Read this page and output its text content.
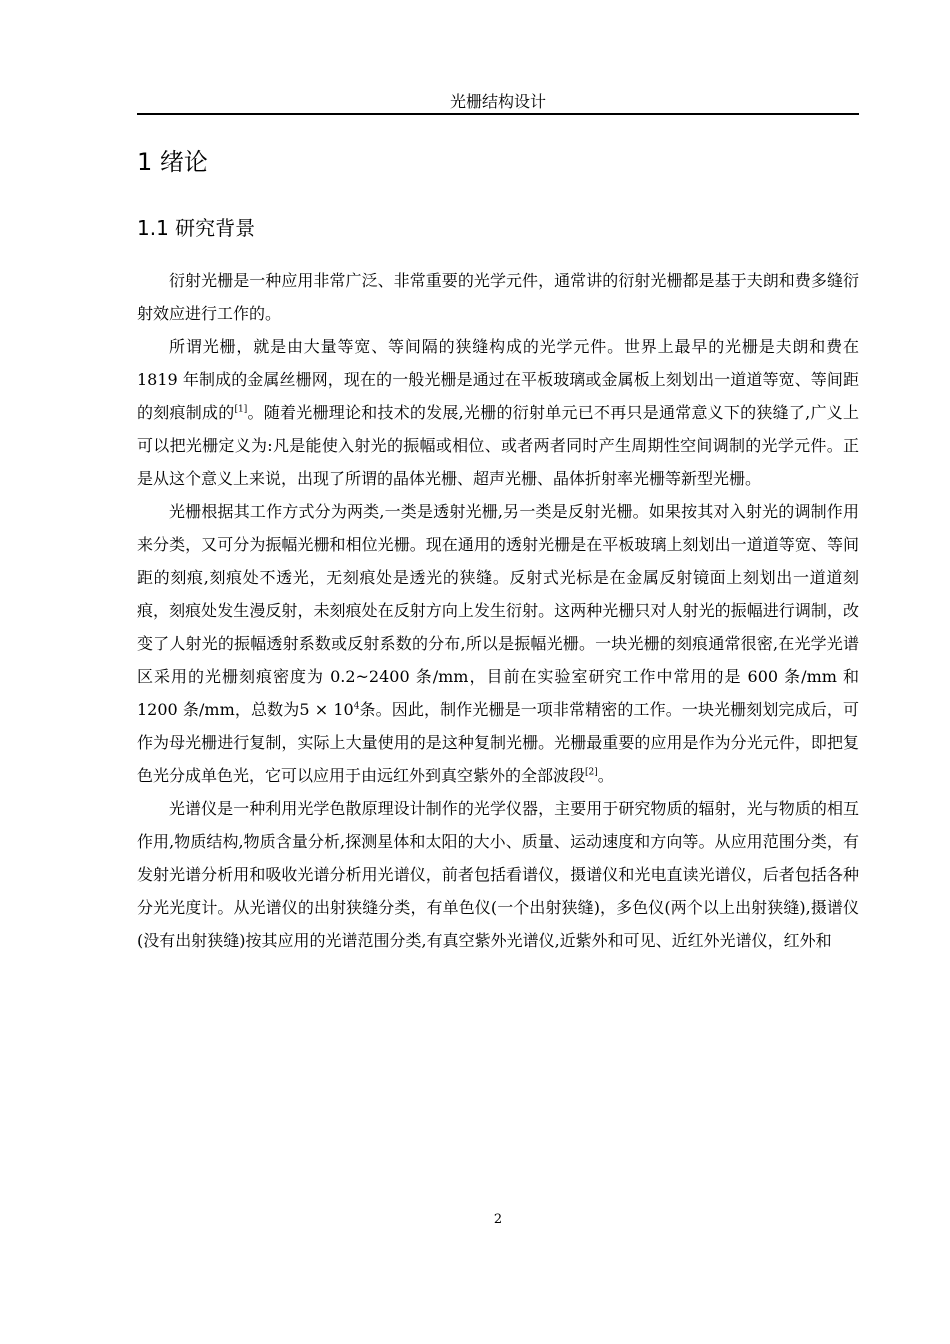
光栅结构设计
1 绪论
1.1 研究背景

衍射光栅是一种应用非常广泛、非常重要的光学元件，通常讲的衍射光栅都是基于夫朗和费多缝衍射效应进行工作的。

所谓光栅，就是由大量等宽、等间隔的狭缝构成的光学元件。世界上最早的光栅是夫朗和费在 1819 年制成的金属丝栅网，现在的一般光栅是通过在平板玻璃或金属板上刻划出一道道等宽、等间距的刻痕制成的[1]。随着光栅理论和技术的发展,光栅的衍射单元已不再只是通常意义下的狭缝了,广义上可以把光栅定义为:凡是能使入射光的振幅或相位、或者两者同时产生周期性空间调制的光学元件。正是从这个意义上来说，出现了所谓的晶体光栅、超声光栅、晶体折射率光栅等新型光栅。

光栅根据其工作方式分为两类,一类是透射光栅,另一类是反射光栅。如果按其对入射光的调制作用来分类，又可分为振幅光栅和相位光栅。现在通用的透射光栅是在平板玻璃上刻划出一道道等宽、等间距的刻痕,刻痕处不透光，无刻痕处是透光的狭缝。反射式光标是在金属反射镜面上刻划出一道道刻痕，刻痕处发生漫反射，未刻痕处在反射方向上发生衍射。这两种光栅只对人射光的振幅进行调制，改变了人射光的振幅透射系数或反射系数的分布,所以是振幅光栅。一块光栅的刻痕通常很密,在光学光谱区采用的光栅刻痕密度为 0.2~2400 条/mm，目前在实验室研究工作中常用的是 600 条/mm 和 1200 条/mm，总数为$5 \times 10^4$条。因此，制作光栅是一项非常精密的工作。一块光栅刻划完成后，可作为母光栅进行复制，实际上大量使用的是这种复制光栅。光栅最重要的应用是作为分光元件，即把复色光分成单色光，它可以应用于由远红外到真空紫外的全部波段[2]。

光谱仪是一种利用光学色散原理设计制作的光学仪器，主要用于研究物质的辐射，光与物质的相互作用,物质结构,物质含量分析,探测星体和太阳的大小、质量、运动速度和方向等。从应用范围分类，有发射光谱分析用和吸收光谱分析用光谱仪，前者包括看谱仪，摄谱仪和光电直读光谱仪，后者包括各种分光光度计。从光谱仪的出射狭缝分类，有单色仪(一个出射狭缝)，多色仪(两个以上出射狭缝),摄谱仪(没有出射狭缝)按其应用的光谱范围分类,有真空紫外光谱仪,近紫外和可见、近红外光谱仪，红外和

2
